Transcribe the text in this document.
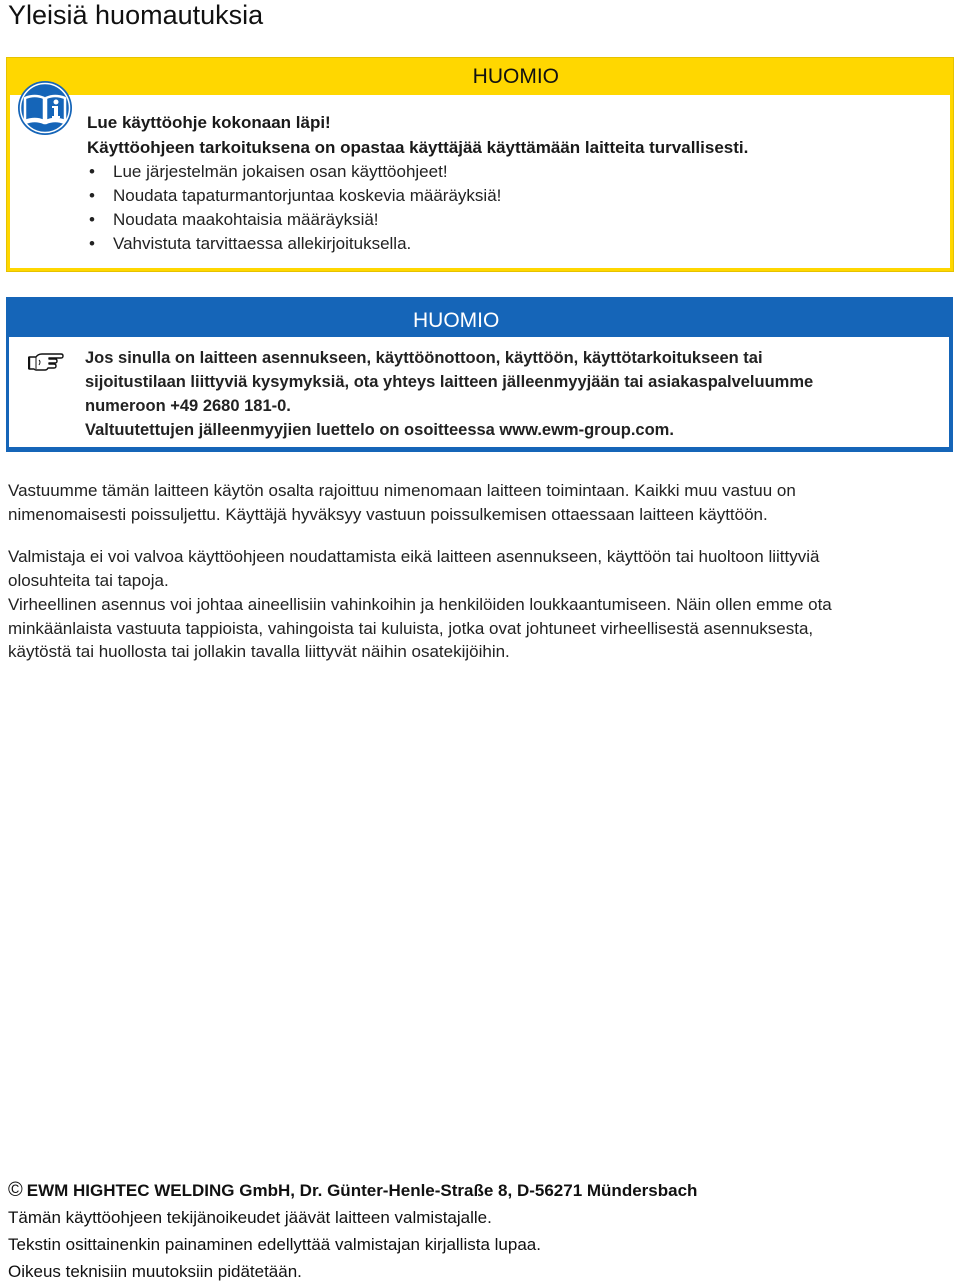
Yleisiä huomautuksia
HUOMIO
Lue käyttöohje kokonaan läpi!
Käyttöohjeen tarkoituksena on opastaa käyttäjää käyttämään laitteita turvallisesti.
• Lue järjestelmän jokaisen osan käyttöohjeet!
• Noudata tapaturmantorjuntaa koskevia määräyksiä!
• Noudata maakohtaisia määräyksiä!
• Vahvistuta tarvittaessa allekirjoituksella.
HUOMIO
Jos sinulla on laitteen asennukseen, käyttöönottoon, käyttöön, käyttötarkoitukseen tai
sijoitustilaan liittyviä kysymyksiä, ota yhteys laitteen jälleenmyyjään tai asiakaspalveluumme
numeroon +49 2680 181-0.
Valtuutettujen jälleenmyyjien luettelo on osoitteessa www.ewm-group.com.
Vastuumme tämän laitteen käytön osalta rajoittuu nimenomaan laitteen toimintaan. Kaikki muu vastuu on
nimenomaisesti poissuljettu. Käyttäjä hyväksyy vastuun poissulkemisen ottaessaan laitteen käyttöön.
Valmistaja ei voi valvoa käyttöohjeen noudattamista eikä laitteen asennukseen, käyttöön tai huoltoon liittyviä
olosuhteita tai tapoja.
Virheellinen asennus voi johtaa aineellisiin vahinkoihin ja henkilöiden loukkaantumiseen. Näin ollen emme ota
minkäänlaista vastuuta tappioista, vahingoista tai kuluista, jotka ovat johtuneet virheellisestä asennuksesta,
käytöstä tai huollosta tai jollakin tavalla liittyvät näihin osatekijöihin.
© EWM HIGHTEC WELDING GmbH, Dr. Günter-Henle-Straße 8, D-56271 Mündersbach
Tämän käyttöohjeen tekijänoikeudet jäävät laitteen valmistajalle.
Tekstin osittainenkin painaminen edellyttää valmistajan kirjallista lupaa.
Oikeus teknisiin muutoksiin pidätetään.
